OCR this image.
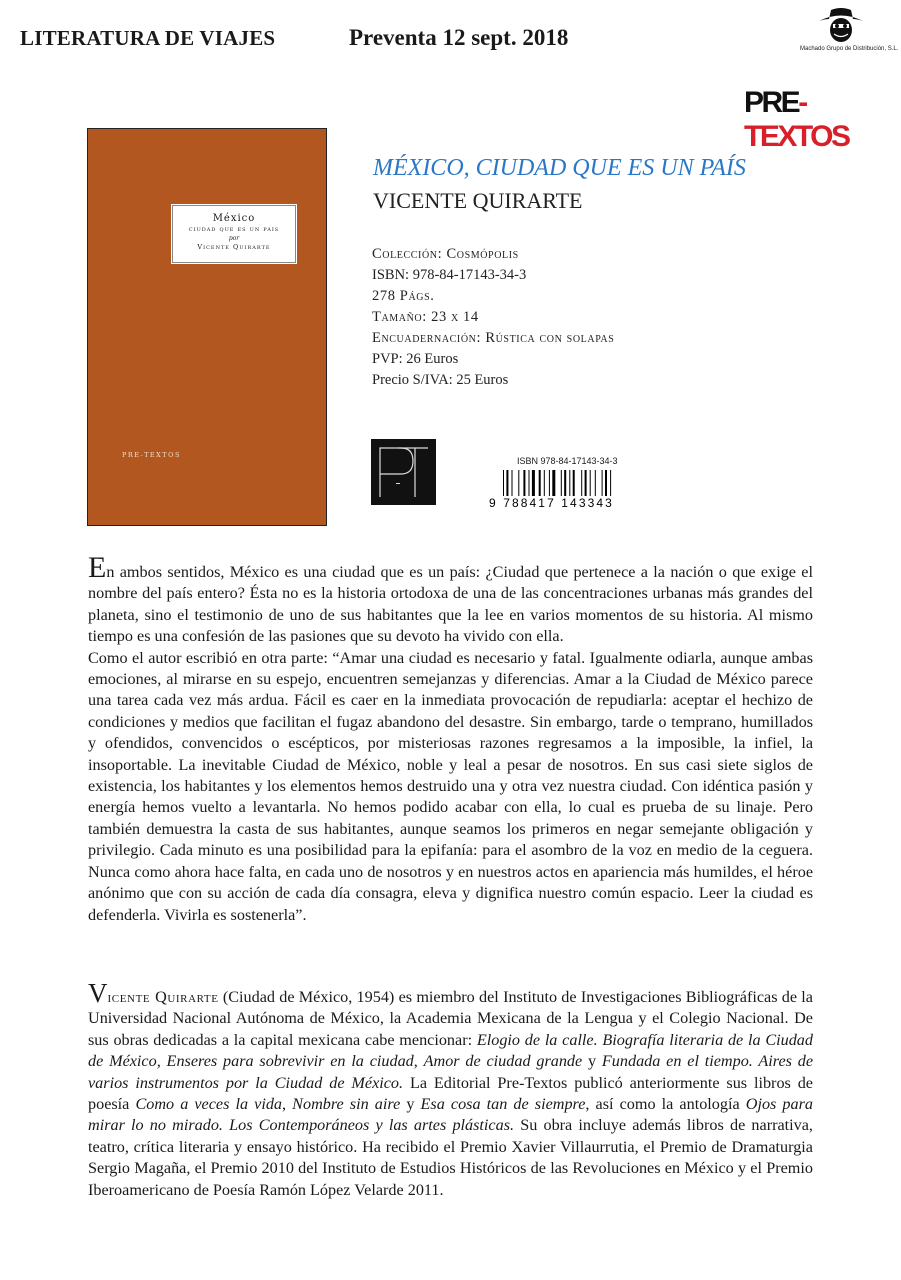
LITERATURA DE VIAJES	Preventa 12 sept. 2018	Machado Grupo de Distribución, S.L.
PRE-TEXTOS
México
ciudad que es un país
por
Vicente Quirarte
PRE-TEXTOS
MÉXICO, CIUDAD QUE ES UN PAÍS
VICENTE QUIRARTE
Colección: Cosmópolis
ISBN: 978-84-17143-34-3
278 Págs.
Tamaño: 23 x 14
Encuadernación: Rústica con solapas
PVP: 26 Euros
Precio S/IVA: 25 Euros
ISBN 978-84-17143-34-3
9 788417 143343

En ambos sentidos, México es una ciudad que es un país: ¿Ciudad que pertenece a la nación o que exige el nombre del país entero? Ésta no es la historia ortodoxa de una de las concentraciones urbanas más grandes del planeta, sino el testimonio de uno de sus habitantes que la lee en varios momentos de su historia. Al mismo tiempo es una confesión de las pasiones que su devoto ha vivido con ella.

Como el autor escribió en otra parte: “Amar una ciudad es necesario y fatal. Igualmente odiarla, aunque ambas emociones, al mirarse en su espejo, encuentren semejanzas y diferencias. Amar a la Ciudad de México parece una tarea cada vez más ardua. Fácil es caer en la inmediata provocación de repudiarla: aceptar el hechizo de condiciones y medios que facilitan el fugaz abandono del desastre. Sin embargo, tarde o temprano, humillados y ofendidos, convencidos o escépticos, por misteriosas razones regresamos a la imposible, la infiel, la insoportable. La inevitable Ciudad de México, noble y leal a pesar de nosotros. En sus casi siete siglos de existencia, los habitantes y los elementos hemos destruido una y otra vez nuestra ciudad. Con idéntica pasión y energía hemos vuelto a levantarla. No hemos podido acabar con ella, lo cual es prueba de su linaje. Pero también demuestra la casta de sus habitantes, aunque seamos los primeros en negar semejante obligación y privilegio. Cada minuto es una posibilidad para la epifanía: para el asombro de la voz en medio de la ceguera. Nunca como ahora hace falta, en cada uno de nosotros y en nuestros actos en apariencia más humildes, el héroe anónimo que con su acción de cada día consagra, eleva y dignifica nuestro común espacio. Leer la ciudad es defenderla. Vivirla es sostenerla”.

Vicente Quirarte (Ciudad de México, 1954) es miembro del Instituto de Investigaciones Bibliográficas de la Universidad Nacional Autónoma de México, la Academia Mexicana de la Lengua y el Colegio Nacional. De sus obras dedicadas a la capital mexicana cabe mencionar: Elogio de la calle. Biografía literaria de la Ciudad de México, Enseres para sobrevivir en la ciudad, Amor de ciudad grande y Fundada en el tiempo. Aires de varios instrumentos por la Ciudad de México. La Editorial Pre-Textos publicó anteriormente sus libros de poesía Como a veces la vida, Nombre sin aire y Esa cosa tan de siempre, así como la antología Ojos para mirar lo no mirado. Los Contemporáneos y las artes plásticas. Su obra incluye además libros de narrativa, teatro, crítica literaria y ensayo histórico. Ha recibido el Premio Xavier Villaurrutia, el Premio de Dramaturgia Sergio Magaña, el Premio 2010 del Instituto de Estudios Históricos de las Revoluciones en México y el Premio Iberoamericano de Poesía Ramón López Velarde 2011.
